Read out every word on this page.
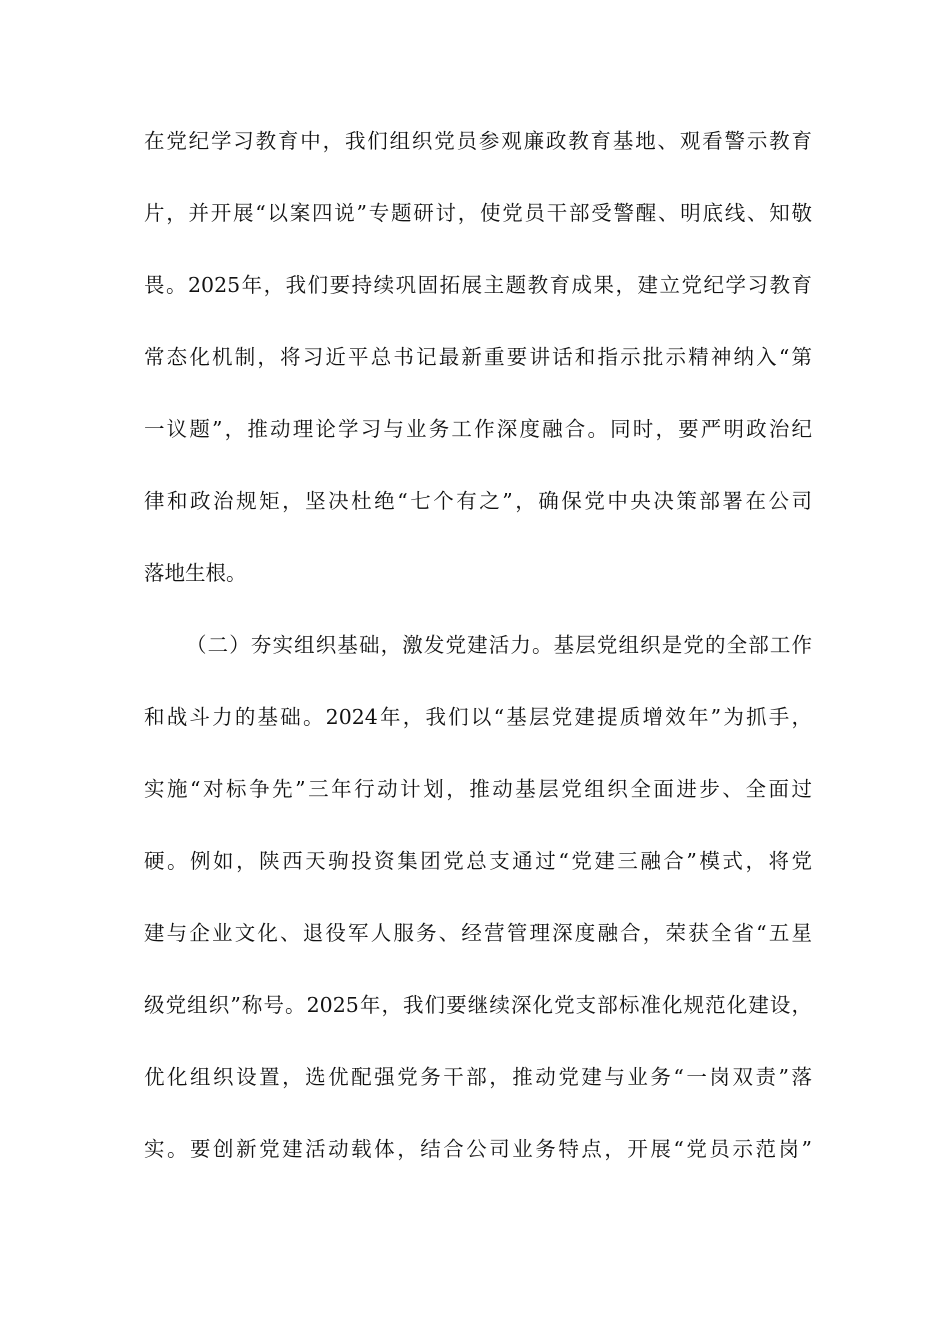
在党纪学习教育中，我们组织党员参观廉政教育基地、观看警示教育
片，并开展“以案四说”专题研讨，使党员干部受警醒、明底线、知敬
畏。2025年，我们要持续巩固拓展主题教育成果，建立党纪学习教育
常态化机制，将习近平总书记最新重要讲话和指示批示精神纳入“第
一议题”，推动理论学习与业务工作深度融合。同时，要严明政治纪
律和政治规矩，坚决杜绝“七个有之”，确保党中央决策部署在公司
落地生根。
（二）夯实组织基础，激发党建活力。基层党组织是党的全部工作
和战斗力的基础。2024年，我们以“基层党建提质增效年”为抓手，
实施“对标争先”三年行动计划，推动基层党组织全面进步、全面过
硬。例如，陕西天驹投资集团党总支通过“党建三融合”模式，将党
建与企业文化、退役军人服务、经营管理深度融合，荣获全省“五星
级党组织”称号。2025年，我们要继续深化党支部标准化规范化建设，
优化组织设置，选优配强党务干部，推动党建与业务“一岗双责”落
实。要创新党建活动载体，结合公司业务特点，开展“党员示范岗”
